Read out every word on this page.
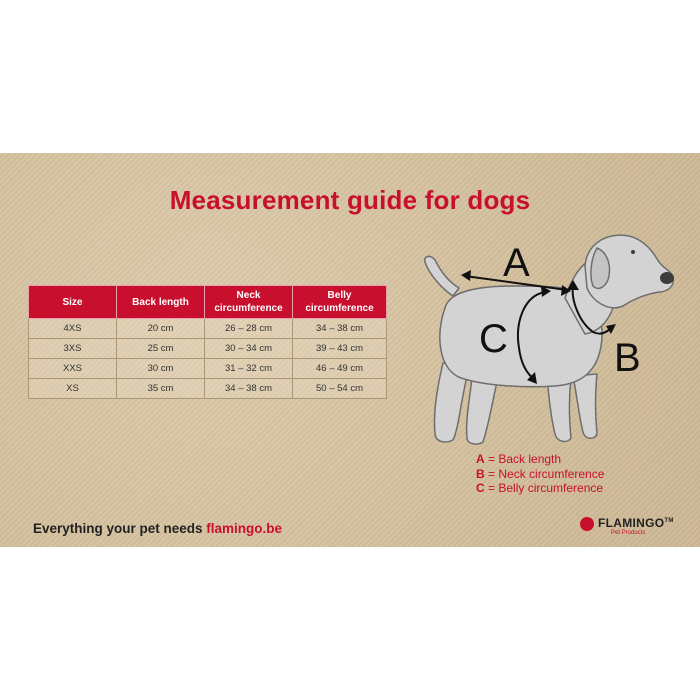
Measurement guide for dogs
Size	Back length	Neck circumference	Belly circumference
4XS	20 cm	26 – 28 cm	34 – 38 cm
3XS	25 cm	30 – 34 cm	39 – 43 cm
XXS	30 cm	31 – 32 cm	46 – 49 cm
XS	35 cm	34 – 38 cm	50 – 54 cm
A
C	B
A = Back length
B = Neck circumference
C = Belly circumference
Everything your pet needs flamingo.be	FLAMINGO™
Pet Products
